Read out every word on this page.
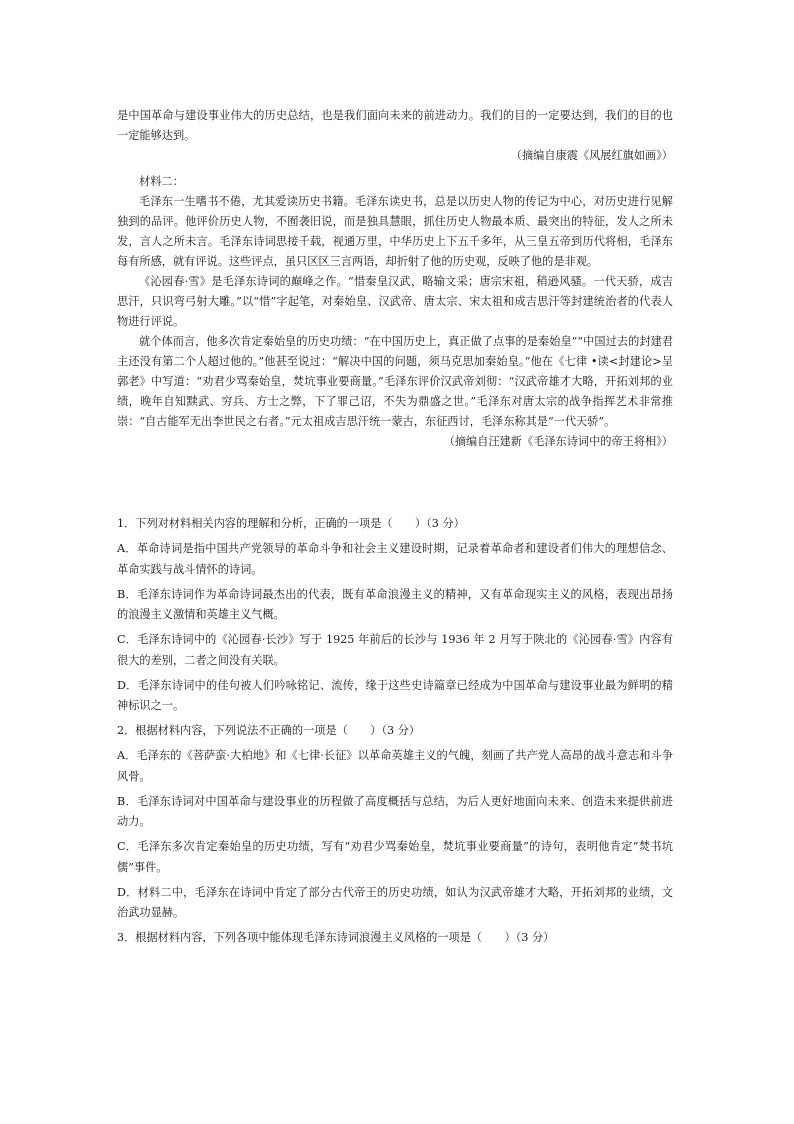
是中国革命与建设事业伟大的历史总结，也是我们面向未来的前进动力。我们的目的一定要达到，我们的目的也一定能够达到。

（摘编自康震《风展红旗如画》）

材料二：

毛泽东一生嗜书不倦，尤其爱读历史书籍。毛泽东读史书，总是以历史人物的传记为中心，对历史进行见解独到的品评。他评价历史人物，不囿袭旧说，而是独具慧眼，抓住历史人物最本质、最突出的特征，发人之所未发，言人之所未言。毛泽东诗词思接千载，视通万里，中华历史上下五千多年，从三皇五帝到历代将相，毛泽东每有所感，就有评说。这些评点，虽只区区三言两语，却折射了他的历史观，反映了他的是非观。

《沁园春·雪》是毛泽东诗词的巅峰之作。“惜秦皇汉武，略输文采；唐宗宋祖，稍逊风骚。一代天骄，成吉思汗，只识弯弓射大雕。”以“惜”字起笔，对秦始皇、汉武帝、唐太宗、宋太祖和成吉思汗等封建统治者的代表人物进行评说。

就个体而言，他多次肯定秦始皇的历史功绩：“在中国历史上，真正做了点事的是秦始皇”“中国过去的封建君主还没有第二个人超过他的。”他甚至说过：“解决中国的问题，须马克思加秦始皇。”他在《七律 •读<封建论>呈郭老》中写道：“劝君少骂秦始皇，焚坑事业要商量。”毛泽东评价汉武帝刘彻：“汉武帝雄才大略，开拓刘邦的业绩，晚年自知黩武、穷兵、方士之弊，下了罪己诏，不失为鼎盛之世。”毛泽东对唐太宗的战争指挥艺术非常推崇：“自古能军无出李世民之右者。”元太祖成吉思汗统一蒙古，东征西讨，毛泽东称其是“一代天骄”。

（摘编自汪建新《毛泽东诗词中的帝王将相》）

1．下列对材料相关内容的理解和分析，正确的一项是（　　）（3 分）

A．革命诗词是指中国共产党领导的革命斗争和社会主义建设时期，记录着革命者和建设者们伟大的理想信念、革命实践与战斗情怀的诗词。

B．毛泽东诗词作为革命诗词最杰出的代表，既有革命浪漫主义的精神，又有革命现实主义的风格，表现出昂扬的浪漫主义激情和英雄主义气概。

C．毛泽东诗词中的《沁园春·长沙》写于 1925 年前后的长沙与 1936 年 2 月写于陕北的《沁园春·雪》内容有很大的差别，二者之间没有关联。

D．毛泽东诗词中的佳句被人们吟咏铭记、流传，缘于这些史诗篇章已经成为中国革命与建设事业最为鲜明的精神标识之一。

2．根据材料内容，下列说法不正确的一项是（　　）（3 分）

A．毛泽东的《菩萨蛮·大柏地》和《七律·长征》以革命英雄主义的气魄，刻画了共产党人高昂的战斗意志和斗争风骨。

B．毛泽东诗词对中国革命与建设事业的历程做了高度概括与总结，为后人更好地面向未来、创造未来提供前进动力。

C．毛泽东多次肯定秦始皇的历史功绩，写有“劝君少骂秦始皇，焚坑事业要商量”的诗句，表明他肯定“焚书坑儒”事件。

D．材料二中，毛泽东在诗词中肯定了部分古代帝王的历史功绩，如认为汉武帝雄才大略，开拓刘邦的业绩，文治武功显赫。

3．根据材料内容，下列各项中能体现毛泽东诗词浪漫主义风格的一项是（　　）（3 分）
